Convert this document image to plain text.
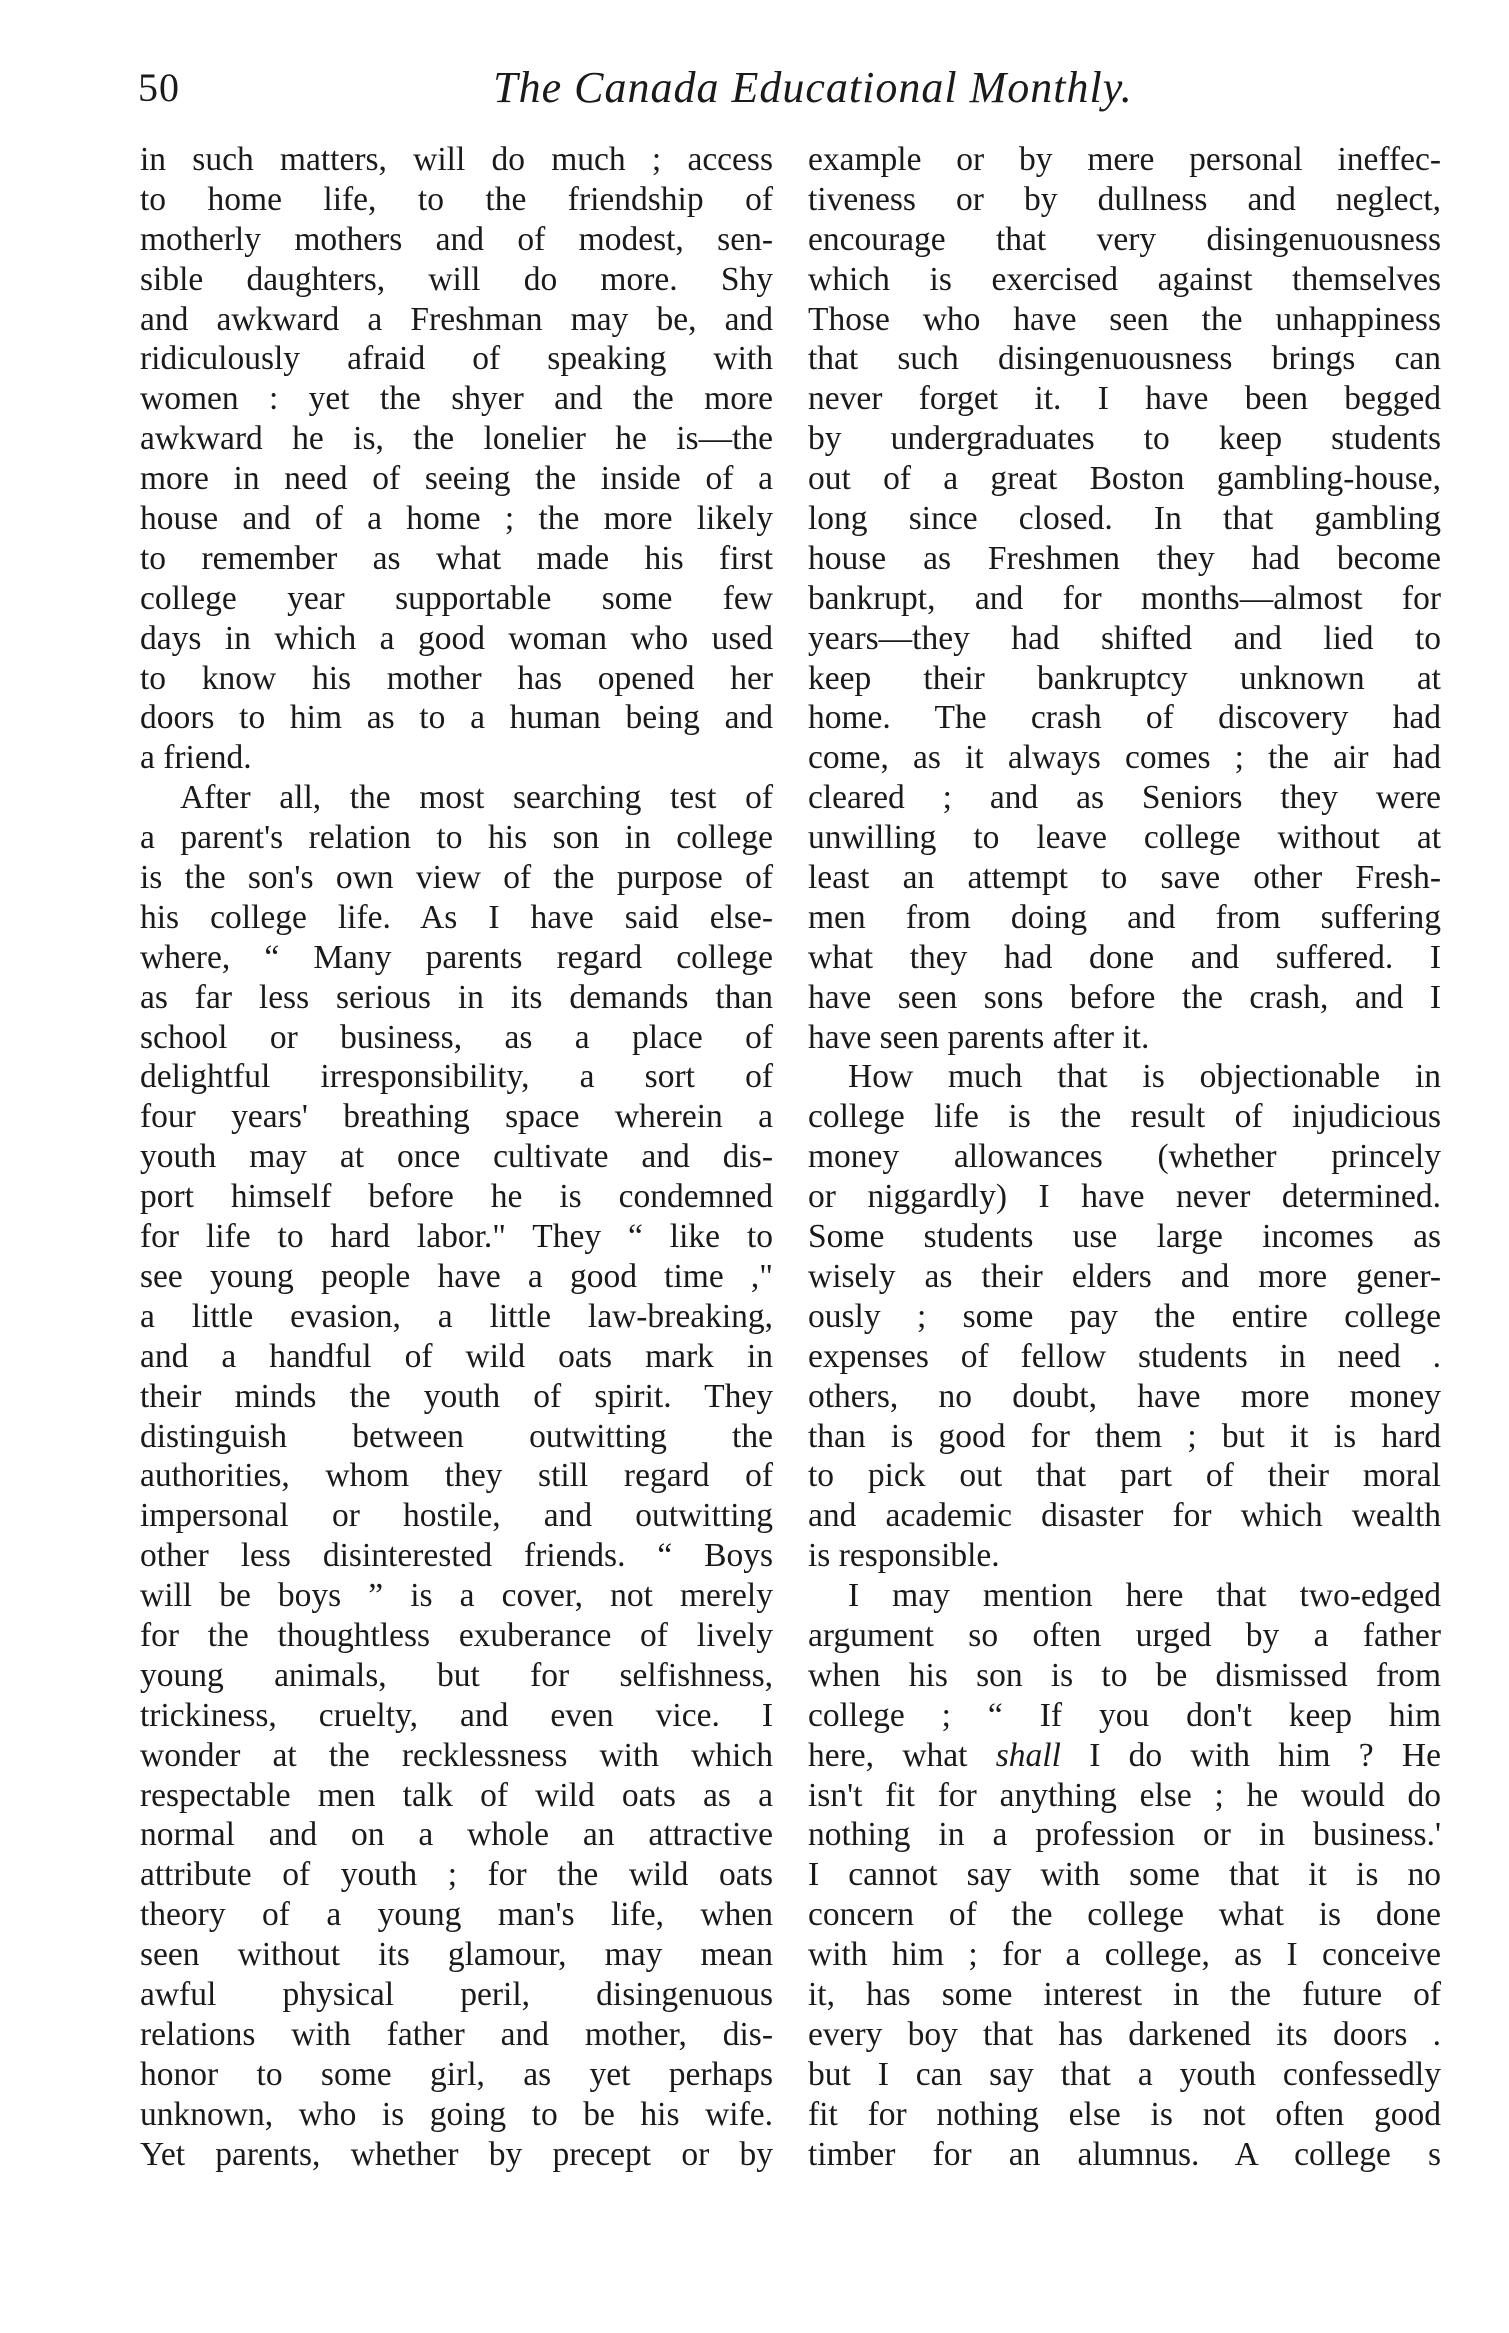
50	The Canada Educational Monthly.
in such matters, will do much ; access
to home life, to the friendship of
motherly mothers and of modest, sen-
sible daughters, will do more. Shy
and awkward a Freshman may be, and
ridiculously afraid of speaking with
women : yet the shyer and the more
awkward he is, the lonelier he is—the
more in need of seeing the inside of a
house and of a home ; the more likely
to remember as what made his first
college year supportable some few
days in which a good woman who used
to know his mother has opened her
doors to him as to a human being and
a friend.
After all, the most searching test of
a parent's relation to his son in college
is the son's own view of the purpose of
his college life. As I have said else-
where, “ Many parents regard college
as far less serious in its demands than
school or business, as a place of
delightful irresponsibility, a sort of
four years' breathing space wherein a
youth may at once cultivate and dis-
port himself before he is condemned
for life to hard labor." They “ like to
see young people have a good time ,"
a little evasion, a little law-breaking,
and a handful of wild oats mark in
their minds the youth of spirit. They
distinguish between outwitting the
authorities, whom they still regard of
impersonal or hostile, and outwitting
other less disinterested friends. “ Boys
will be boys ” is a cover, not merely
for the thoughtless exuberance of lively
young animals, but for selfishness,
trickiness, cruelty, and even vice. I
wonder at the recklessness with which
respectable men talk of wild oats as a
normal and on a whole an attractive
attribute of youth ; for the wild oats
theory of a young man's life, when
seen without its glamour, may mean
awful physical peril, disingenuous
relations with father and mother, dis-
honor to some girl, as yet perhaps
unknown, who is going to be his wife.
Yet parents, whether by precept or by
example or by mere personal ineffec-
tiveness or by dullness and neglect,
encourage that very disingenuousness
which is exercised against themselves
Those who have seen the unhappiness
that such disingenuousness brings can
never forget it. I have been begged
by undergraduates to keep students
out of a great Boston gambling-house,
long since closed. In that gambling
house as Freshmen they had become
bankrupt, and for months—almost for
years—they had shifted and lied to
keep their bankruptcy unknown at
home. The crash of discovery had
come, as it always comes ; the air had
cleared ; and as Seniors they were
unwilling to leave college without at
least an attempt to save other Fresh-
men from doing and from suffering
what they had done and suffered. I
have seen sons before the crash, and I
have seen parents after it.
How much that is objectionable in
college life is the result of injudicious
money allowances (whether princely
or niggardly) I have never determined.
Some students use large incomes as
wisely as their elders and more gener-
ously ; some pay the entire college
expenses of fellow students in need .
others, no doubt, have more money
than is good for them ; but it is hard
to pick out that part of their moral
and academic disaster for which wealth
is responsible.
I may mention here that two-edged
argument so often urged by a father
when his son is to be dismissed from
college ; “ If you don't keep him
here, what shall I do with him ? He
isn't fit for anything else ; he would do
nothing in a profession or in business.'
I cannot say with some that it is no
concern of the college what is done
with him ; for a college, as I conceive
it, has some interest in the future of
every boy that has darkened its doors .
but I can say that a youth confessedly
fit for nothing else is not often good
timber for an alumnus. A college s
